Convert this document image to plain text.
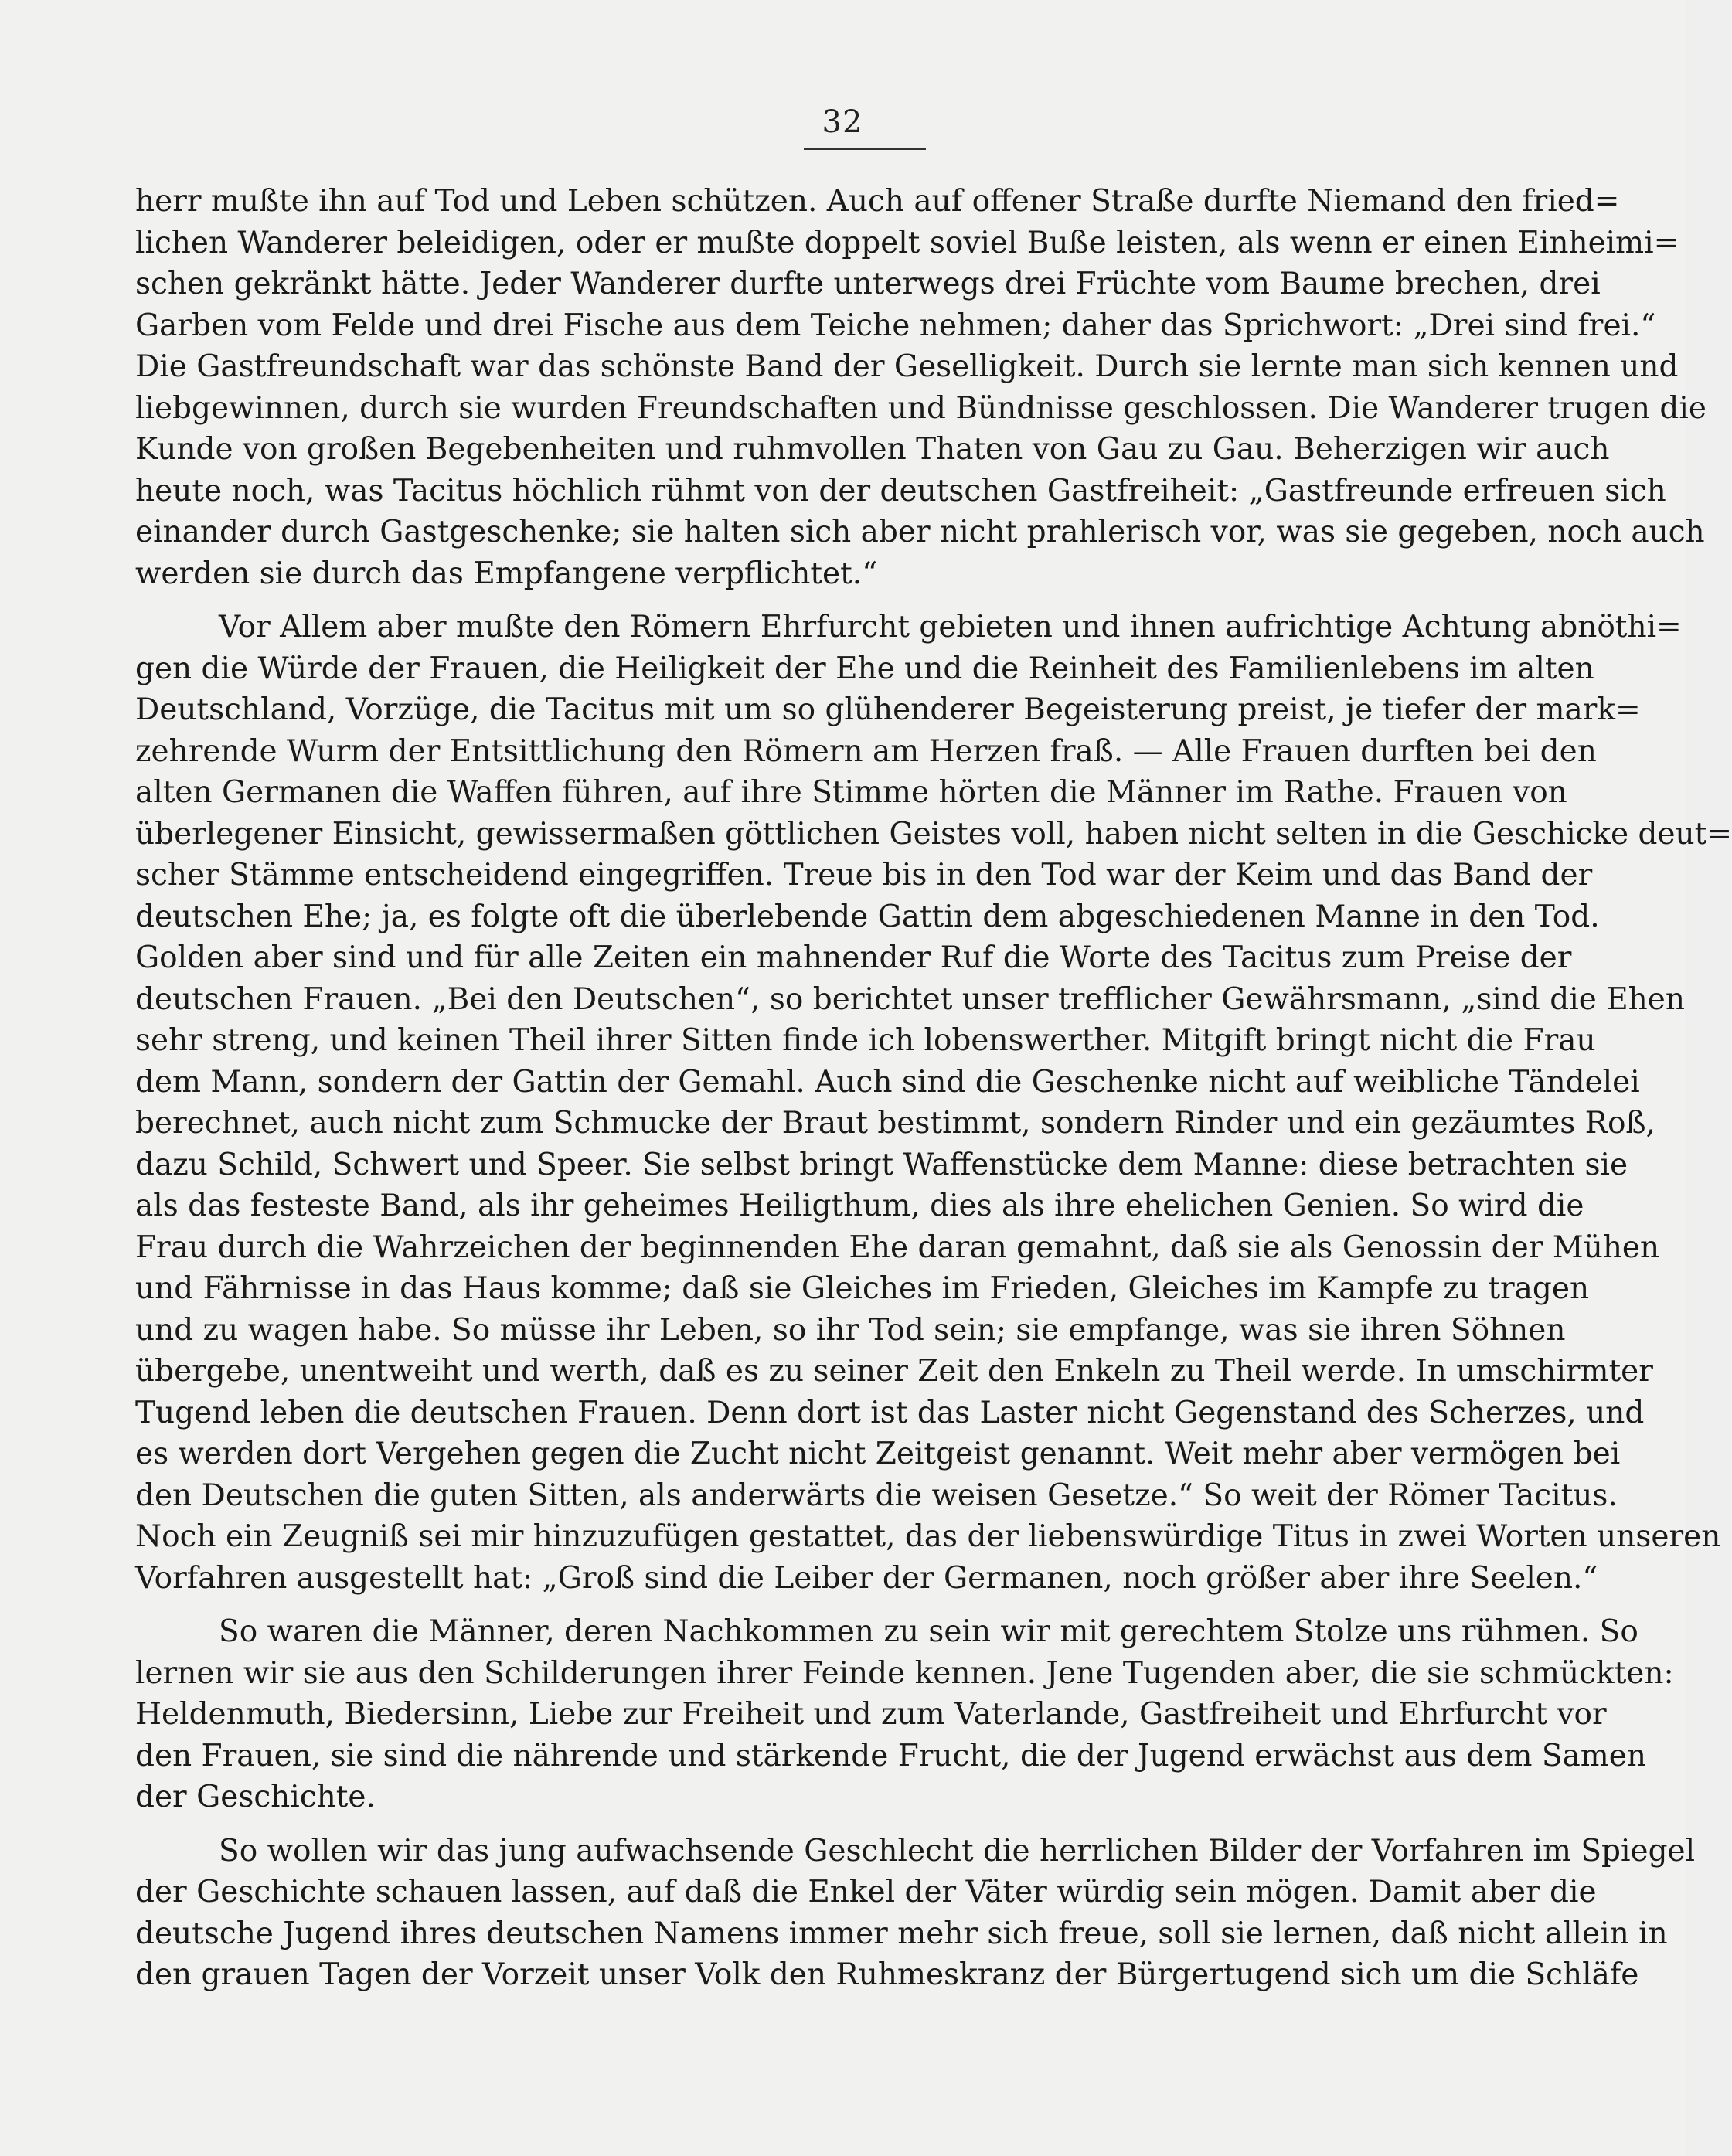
32
herr mußte ihn auf Tod und Leben schützen. Auch auf offener Straße durfte Niemand den fried=
lichen Wanderer beleidigen, oder er mußte doppelt soviel Buße leisten, als wenn er einen Einheimi=
schen gekränkt hätte. Jeder Wanderer durfte unterwegs drei Früchte vom Baume brechen, drei
Garben vom Felde und drei Fische aus dem Teiche nehmen; daher das Sprichwort: „Drei sind frei.“
Die Gastfreundschaft war das schönste Band der Geselligkeit. Durch sie lernte man sich kennen und
liebgewinnen, durch sie wurden Freundschaften und Bündnisse geschlossen. Die Wanderer trugen die
Kunde von großen Begebenheiten und ruhmvollen Thaten von Gau zu Gau. Beherzigen wir auch
heute noch, was Tacitus höchlich rühmt von der deutschen Gastfreiheit: „Gastfreunde erfreuen sich
einander durch Gastgeschenke; sie halten sich aber nicht prahlerisch vor, was sie gegeben, noch auch
werden sie durch das Empfangene verpflichtet.“
Vor Allem aber mußte den Römern Ehrfurcht gebieten und ihnen aufrichtige Achtung abnöthi=
gen die Würde der Frauen, die Heiligkeit der Ehe und die Reinheit des Familienlebens im alten
Deutschland, Vorzüge, die Tacitus mit um so glühenderer Begeisterung preist, je tiefer der mark=
zehrende Wurm der Entsittlichung den Römern am Herzen fraß. — Alle Frauen durften bei den
alten Germanen die Waffen führen, auf ihre Stimme hörten die Männer im Rathe. Frauen von
überlegener Einsicht, gewissermaßen göttlichen Geistes voll, haben nicht selten in die Geschicke deut=
scher Stämme entscheidend eingegriffen. Treue bis in den Tod war der Keim und das Band der
deutschen Ehe; ja, es folgte oft die überlebende Gattin dem abgeschiedenen Manne in den Tod.
Golden aber sind und für alle Zeiten ein mahnender Ruf die Worte des Tacitus zum Preise der
deutschen Frauen. „Bei den Deutschen“, so berichtet unser trefflicher Gewährsmann, „sind die Ehen
sehr streng, und keinen Theil ihrer Sitten finde ich lobenswerther. Mitgift bringt nicht die Frau
dem Mann, sondern der Gattin der Gemahl. Auch sind die Geschenke nicht auf weibliche Tändelei
berechnet, auch nicht zum Schmucke der Braut bestimmt, sondern Rinder und ein gezäumtes Roß,
dazu Schild, Schwert und Speer. Sie selbst bringt Waffenstücke dem Manne: diese betrachten sie
als das festeste Band, als ihr geheimes Heiligthum, dies als ihre ehelichen Genien. So wird die
Frau durch die Wahrzeichen der beginnenden Ehe daran gemahnt, daß sie als Genossin der Mühen
und Fährnisse in das Haus komme; daß sie Gleiches im Frieden, Gleiches im Kampfe zu tragen
und zu wagen habe. So müsse ihr Leben, so ihr Tod sein; sie empfange, was sie ihren Söhnen
übergebe, unentweiht und werth, daß es zu seiner Zeit den Enkeln zu Theil werde. In umschirmter
Tugend leben die deutschen Frauen. Denn dort ist das Laster nicht Gegenstand des Scherzes, und
es werden dort Vergehen gegen die Zucht nicht Zeitgeist genannt. Weit mehr aber vermögen bei
den Deutschen die guten Sitten, als anderwärts die weisen Gesetze.“ So weit der Römer Tacitus.
Noch ein Zeugniß sei mir hinzuzufügen gestattet, das der liebenswürdige Titus in zwei Worten unseren
Vorfahren ausgestellt hat: „Groß sind die Leiber der Germanen, noch größer aber ihre Seelen.“
So waren die Männer, deren Nachkommen zu sein wir mit gerechtem Stolze uns rühmen. So
lernen wir sie aus den Schilderungen ihrer Feinde kennen. Jene Tugenden aber, die sie schmückten:
Heldenmuth, Biedersinn, Liebe zur Freiheit und zum Vaterlande, Gastfreiheit und Ehrfurcht vor
den Frauen, sie sind die nährende und stärkende Frucht, die der Jugend erwächst aus dem Samen
der Geschichte.
So wollen wir das jung aufwachsende Geschlecht die herrlichen Bilder der Vorfahren im Spiegel
der Geschichte schauen lassen, auf daß die Enkel der Väter würdig sein mögen. Damit aber die
deutsche Jugend ihres deutschen Namens immer mehr sich freue, soll sie lernen, daß nicht allein in
den grauen Tagen der Vorzeit unser Volk den Ruhmeskranz der Bürgertugend sich um die Schläfe
